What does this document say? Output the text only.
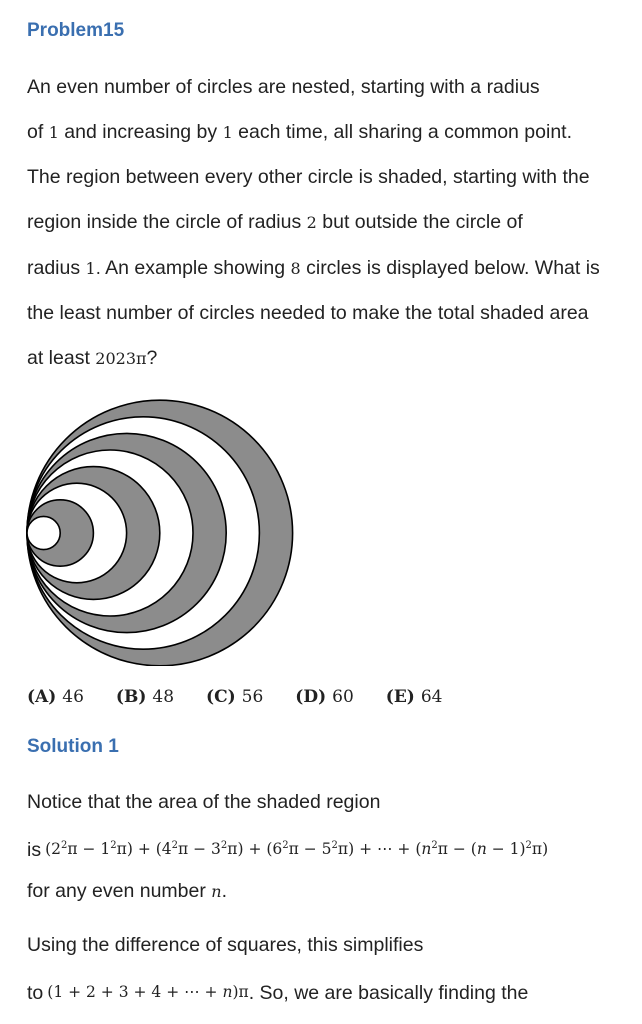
Problem15
An even number of circles are nested, starting with a radius
of 1 and increasing by 1 each time, all sharing a common point.
The region between every other circle is shaded, starting with the
region inside the circle of radius 2 but outside the circle of
radius 1. An example showing 8 circles is displayed below. What is
the least number of circles needed to make the total shaded area
at least 2023π?
(A) 46 (B) 48 (C) 56 (D) 60 (E) 64
Solution 1
Notice that the area of the shaded region
is $(2^2\pi - 1^2\pi) + (4^2\pi - 3^2\pi) + (6^2\pi - 5^2\pi)$ + ⋯ + $(n^2\pi - (n - 1)^2\pi)$
for any even number n.
Using the difference of squares, this simplifies
to (1 + 2 + 3 + 4 + ⋯ + n)π. So, we are basically finding the
